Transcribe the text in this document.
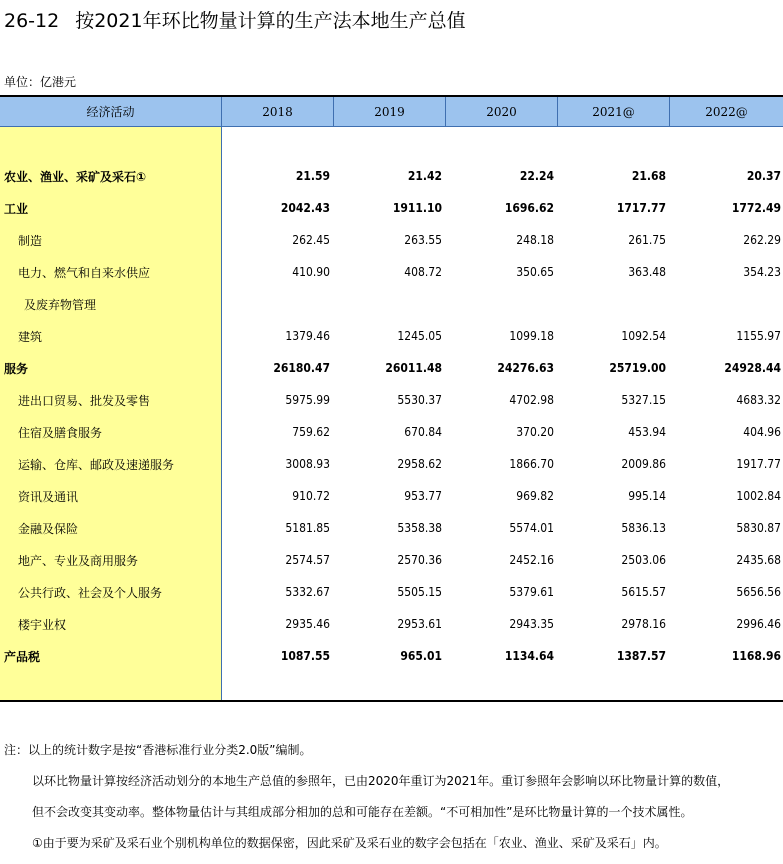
26-12 按2021年环比物量计算的生产法本地生产总值
单位：亿港元
经济活动	2018	2019	2020	2021@	2022@
农业、渔业、采矿及采石①	21.59	21.42	22.24	21.68	20.37
工业	2042.43	1911.10	1696.62	1717.77	1772.49
制造	262.45	263.55	248.18	261.75	262.29
电力、燃气和自来水供应	410.90	408.72	350.65	363.48	354.23
及废弃物管理
建筑	1379.46	1245.05	1099.18	1092.54	1155.97
服务	26180.47	26011.48	24276.63	25719.00	24928.44
进出口贸易、批发及零售	5975.99	5530.37	4702.98	5327.15	4683.32
住宿及膳食服务	759.62	670.84	370.20	453.94	404.96
运输、仓库、邮政及速递服务	3008.93	2958.62	1866.70	2009.86	1917.77
资讯及通讯	910.72	953.77	969.82	995.14	1002.84
金融及保险	5181.85	5358.38	5574.01	5836.13	5830.87
地产、专业及商用服务	2574.57	2570.36	2452.16	2503.06	2435.68
公共行政、社会及个人服务	5332.67	5505.15	5379.61	5615.57	5656.56
楼宇业权	2935.46	2953.61	2943.35	2978.16	2996.46
产品税	1087.55	965.01	1134.64	1387.57	1168.96

注：以上的统计数字是按“香港标准行业分类2.0版”编制。

以环比物量计算按经济活动划分的本地生产总值的参照年，已由2020年重订为2021年。重订参照年会影响以环比物量计算的数值，

但不会改变其变动率。整体物量估计与其组成部分相加的总和可能存在差额。“不可相加性”是环比物量计算的一个技术属性。

①由于要为采矿及采石业个别机构单位的数据保密，因此采矿及采石业的数字会包括在「农业、渔业、采矿及采石」内。
